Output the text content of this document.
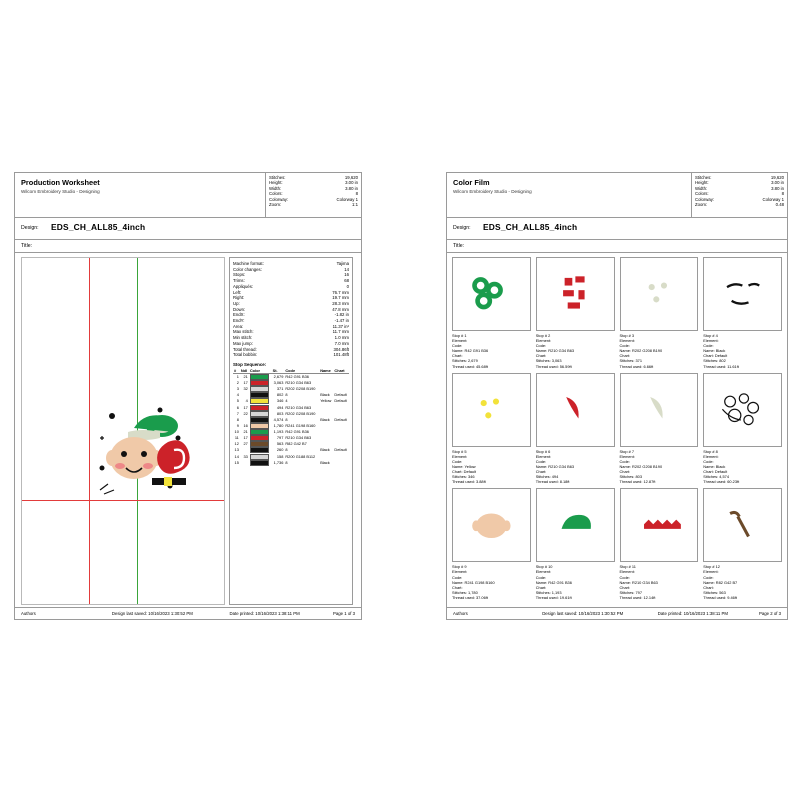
Production Worksheet
Wilcom Embroidery Studio - Designing
Stitches:	19,620
Height:	3.00 in
Width:	3.80 in
Colors:	8
Colorway:	Colorway 1
Zoom:	1:1
Design: EDS_CH_ALL85_4inch
Title:
Machine format:	Tajima
Color changes:	14
Stops:	16
Trims:	68
Appliqués:	0
Left:	76.7 mm
Right:	19.7 mm
Up:	28.3 mm
Down:	47.8 mm
EndX:	-1.82 in
EndY:	-1.47 in
Area:	11.37 in²
Max stitch:	11.7 mm
Min stitch:	1.0 mm
Max jump:	7.0 mm
Total thread:	304.86ft
Total bobbin:	101.48ft
Stop Sequence:
#	Ndl	Color	St.	Code	Name	Chart
1	21		2,679	R42 G91 B36		
2	17		3,063	R210 G34 B63		
3	32		371	R202 G208 B190		
4			802	8	Black	Default
5	4		346	4	Yellow	Default
6	17		494	R210 G34 B63		
7	22		803	R202 G208 B190		
8			4,574	8	Black	Default
9	16		1,780	R241 G198 B160		
10	21		1,193	R42 G91 B36		
11	17		797	R210 G34 B63		
12	27		563	R82 G42 B7		
13			260	8	Black	Default
14	33		158	R200 G188 B112		
15			1,736	8	Black	
Authors	Design last saved: 10/16/2023 1:30:52 PM	Date printed: 10/16/2023 1:38:11 PM	Page 1 of 3
Color Film
Wilcom Embroidery Studio - Designing
Stitches:	19,620
Height:	3.00 in
Width:	3.80 in
Colors:	8
Colorway:	Colorway 1
Zoom:	0.48
Design: EDS_CH_ALL85_4inch
Title:
Stop # 1
Element:
Code:
Name: R42 G91 B36
Chart:
Stitches: 2,679
Thread used: 45.68ft
Stop # 2
Element:
Code:
Name: R210 G34 B63
Chart:
Stitches: 3,063
Thread used: 56.59ft
Stop # 3
Element:
Code:
Name: R202 G208 B190
Chart:
Stitches: 371
Thread used: 6.66ft
Stop # 4
Element:
Code:
Name: Black
Chart: Default
Stitches: 802
Thread used: 11.61ft
Stop # 5
Element:
Code:
Name: Yellow
Chart: Default
Stitches: 346
Thread used: 3.88ft
Stop # 6
Element:
Code:
Name: R210 G34 B63
Chart:
Stitches: 494
Thread used: 8.18ft
Stop # 7
Element:
Code:
Name: R202 G208 B190
Chart:
Stitches: 803
Thread used: 12.87ft
Stop # 8
Element:
Code:
Name: Black
Chart: Default
Stitches: 4,574
Thread used: 60.23ft
Stop # 9
Element:
Code:
Name: R241 G198 B160
Chart:
Stitches: 1,780
Thread used: 37.06ft
Stop # 10
Element:
Code:
Name: R42 G91 B36
Chart:
Stitches: 1,193
Thread used: 19.61ft
Stop # 11
Element:
Code:
Name: R210 G34 B63
Chart:
Stitches: 797
Thread used: 12.14ft
Stop # 12
Element:
Code:
Name: R82 G42 B7
Chart:
Stitches: 563
Thread used: 9.46ft
Authors	Design last saved: 10/16/2023 1:30:52 PM	Date printed: 10/16/2023 1:38:11 PM	Page 2 of 3
